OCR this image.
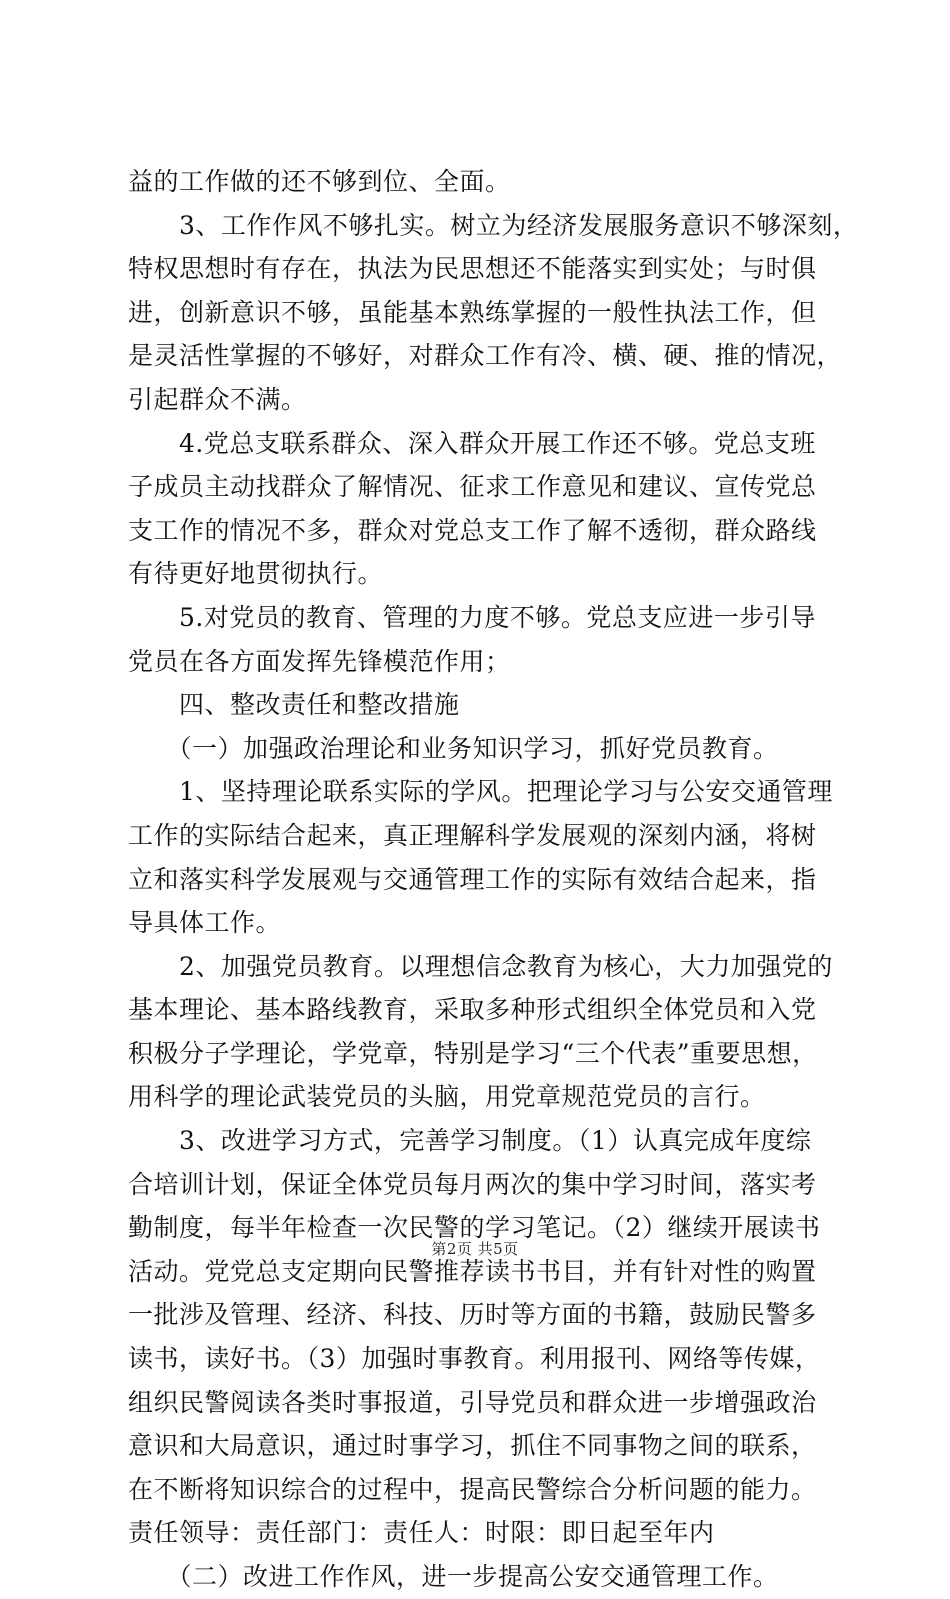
益的工作做的还不够到位、全面。
　　3、工作作风不够扎实。树立为经济发展服务意识不够深刻，
特权思想时有存在，执法为民思想还不能落实到实处；与时俱
进，创新意识不够，虽能基本熟练掌握的一般性执法工作，但
是灵活性掌握的不够好，对群众工作有冷、横、硬、推的情况，
引起群众不满。
　　4.党总支联系群众、深入群众开展工作还不够。党总支班
子成员主动找群众了解情况、征求工作意见和建议、宣传党总
支工作的情况不多，群众对党总支工作了解不透彻，群众路线
有待更好地贯彻执行。
　　5.对党员的教育、管理的力度不够。党总支应进一步引导
党员在各方面发挥先锋模范作用；
　　四、整改责任和整改措施
　　（一）加强政治理论和业务知识学习，抓好党员教育。
　　1、坚持理论联系实际的学风。把理论学习与公安交通管理
工作的实际结合起来，真正理解科学发展观的深刻内涵，将树
立和落实科学发展观与交通管理工作的实际有效结合起来，指
导具体工作。
　　2、加强党员教育。以理想信念教育为核心，大力加强党的
基本理论、基本路线教育，采取多种形式组织全体党员和入党
积极分子学理论，学党章，特别是学习“三个代表”重要思想，
用科学的理论武装党员的头脑，用党章规范党员的言行。
　　3、改进学习方式，完善学习制度。（1）认真完成年度综
合培训计划，保证全体党员每月两次的集中学习时间，落实考
勤制度，每半年检查一次民警的学习笔记。（2）继续开展读书
活动。党党总支定期向民警推荐读书书目，并有针对性的购置
一批涉及管理、经济、科技、历时等方面的书籍，鼓励民警多
读书，读好书。（3）加强时事教育。利用报刊、网络等传媒，
组织民警阅读各类时事报道，引导党员和群众进一步增强政治
意识和大局意识，通过时事学习，抓住不同事物之间的联系，
在不断将知识综合的过程中，提高民警综合分析问题的能力。
责任领导：责任部门：责任人：时限：即日起至年内
　　（二）改进工作作风，进一步提高公安交通管理工作。
第2页 共5页
